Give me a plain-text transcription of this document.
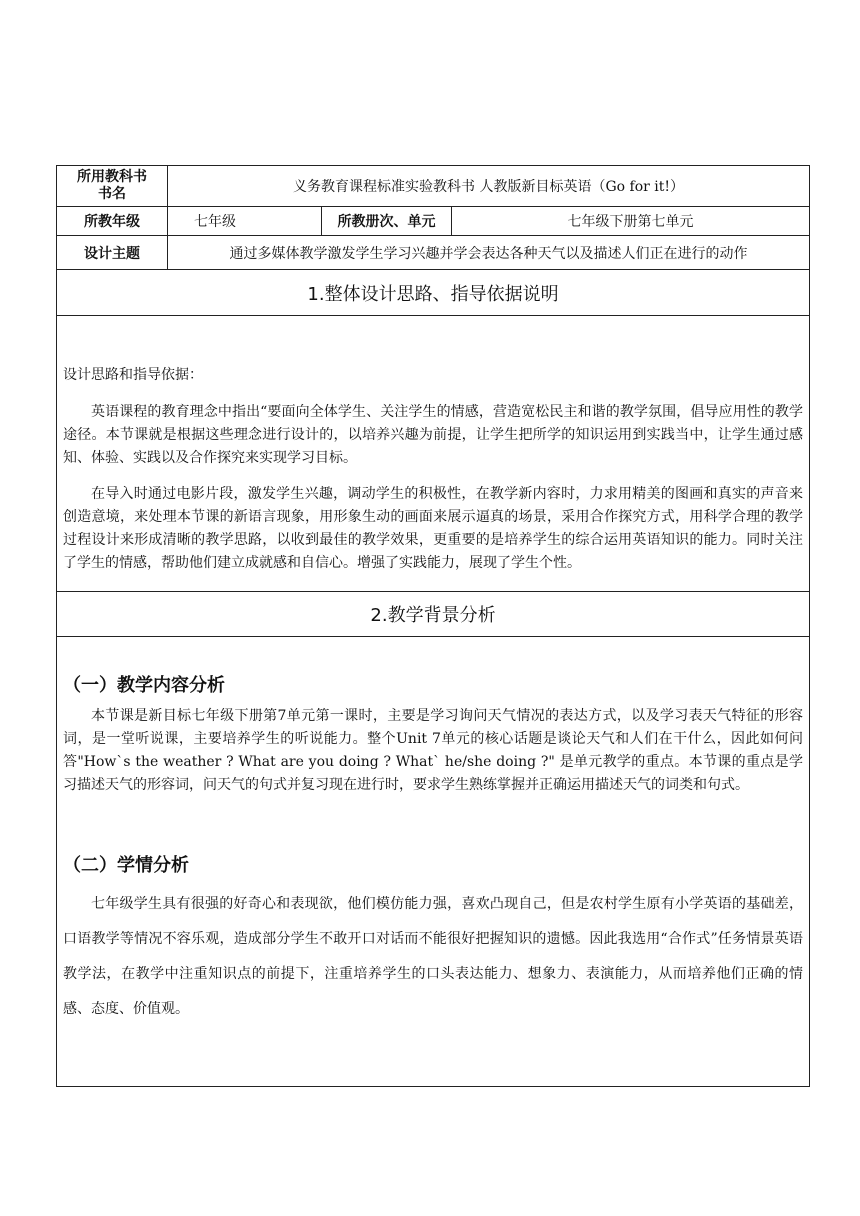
所用教科书书名	义务教育课程标准实验教科书 人教版新目标英语（Go for it!）
所教年级	七年级	所教册次、单元	七年级下册第七单元
设计主题	通过多媒体教学激发学生学习兴趣并学会表达各种天气以及描述人们正在进行的动作
1.整体设计思路、指导依据说明

设计思路和指导依据：

英语课程的教育理念中指出“要面向全体学生、关注学生的情感，营造宽松民主和谐的教学氛围，倡导应用性的教学途径。本节课就是根据这些理念进行设计的，以培养兴趣为前提，让学生把所学的知识运用到实践当中，让学生通过感知、体验、实践以及合作探究来实现学习目标。

在导入时通过电影片段，激发学生兴趣，调动学生的积极性，在教学新内容时，力求用精美的图画和真实的声音来创造意境，来处理本节课的新语言现象，用形象生动的画面来展示逼真的场景，采用合作探究方式，用科学合理的教学过程设计来形成清晰的教学思路，以收到最佳的教学效果，更重要的是培养学生的综合运用英语知识的能力。同时关注了学生的情感，帮助他们建立成就感和自信心。增强了实践能力，展现了学生个性。

2.教学背景分析
（一）教学内容分析

本节课是新目标七年级下册第7单元第一课时，主要是学习询问天气情况的表达方式，以及学习表天气特征的形容词，是一堂听说课，主要培养学生的听说能力。整个Unit 7单元的核心话题是谈论天气和人们在干什么，因此如何问答"How`s the weather ? What are you doing ? What` he/she doing ?" 是单元教学的重点。本节课的重点是学习描述天气的形容词，问天气的句式并复习现在进行时，要求学生熟练掌握并正确运用描述天气的词类和句式。

（二）学情分析

七年级学生具有很强的好奇心和表现欲，他们模仿能力强，喜欢凸现自己，但是农村学生原有小学英语的基础差，口语教学等情况不容乐观，造成部分学生不敢开口对话而不能很好把握知识的遗憾。因此我选用“合作式”任务情景英语教学法，在教学中注重知识点的前提下，注重培养学生的口头表达能力、想象力、表演能力，从而培养他们正确的情感、态度、价值观。
